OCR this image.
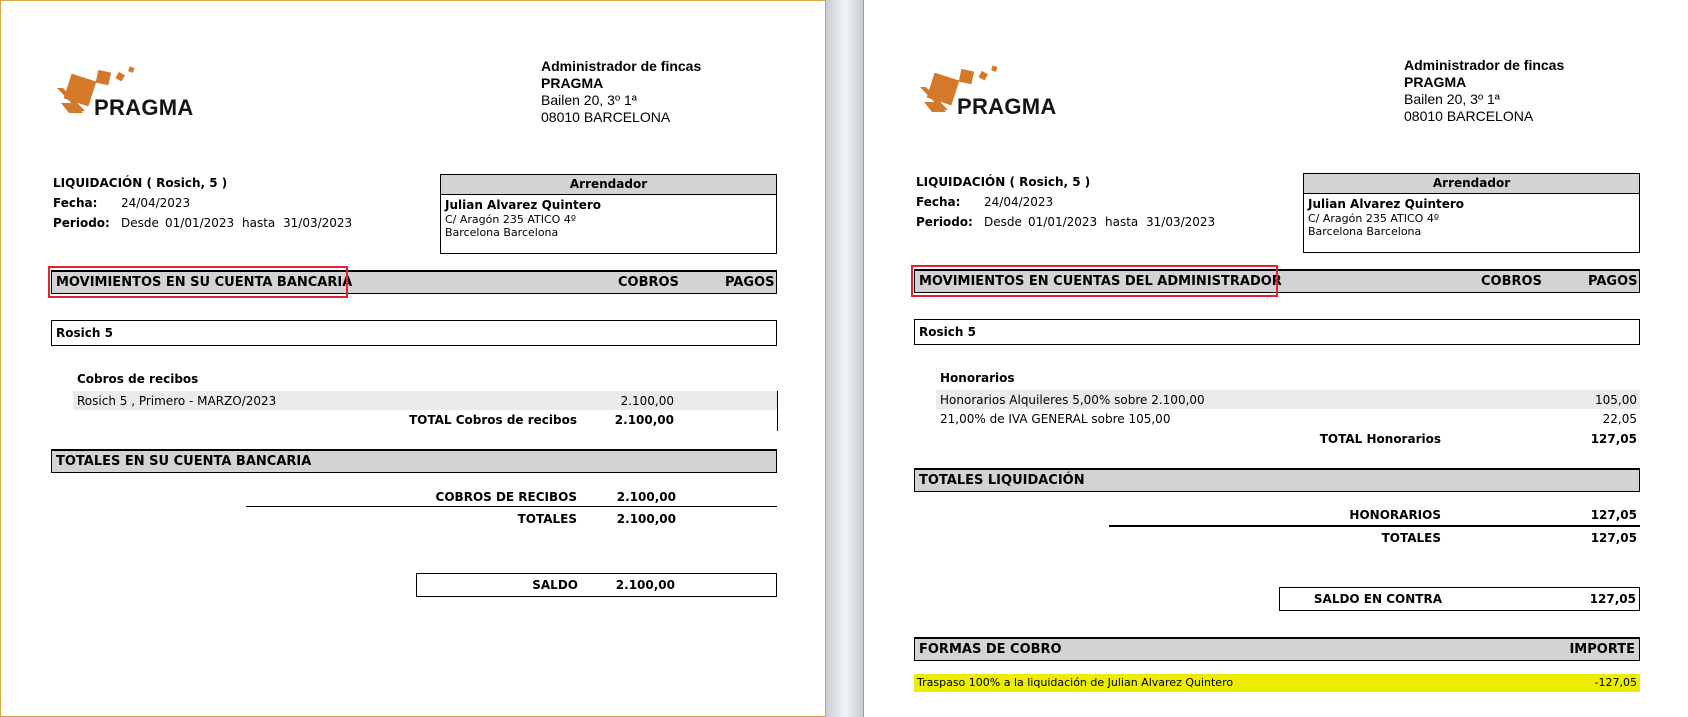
PRAGMA
Administrador de fincas
PRAGMA
Bailen 20, 3º 1ª
08010 BARCELONA
LIQUIDACIÓN ( Rosich, 5 )
Fecha: 24/04/2023
Periodo: Desde 01/01/2023 hasta 31/03/2023
Arrendador
Julian Alvarez Quintero
C/ Aragón 235 ATICO 4º
Barcelona Barcelona
MOVIMIENTOS EN SU CUENTA BANCARIA	COBROS	PAGOS
Rosich 5
Cobros de recibos
Rosich 5 , Primero - MARZO/2023	2.100,00
TOTAL Cobros de recibos	2.100,00
TOTALES EN SU CUENTA BANCARIA
COBROS DE RECIBOS	2.100,00
TOTALES	2.100,00
SALDO	2.100,00
PRAGMA
Administrador de fincas
PRAGMA
Bailen 20, 3º 1ª
08010 BARCELONA
LIQUIDACIÓN ( Rosich, 5 )
Fecha: 24/04/2023
Periodo: Desde 01/01/2023 hasta 31/03/2023
Arrendador
Julian Alvarez Quintero
C/ Aragón 235 ATICO 4º
Barcelona Barcelona
MOVIMIENTOS EN CUENTAS DEL ADMINISTRADOR	COBROS	PAGOS
Rosich 5
Honorarios
Honorarios Alquileres 5,00% sobre 2.100,00	105,00
21,00% de IVA GENERAL sobre 105,00	22,05
TOTAL Honorarios	127,05
TOTALES LIQUIDACIÓN
HONORARIOS	127,05
TOTALES	127,05
SALDO EN CONTRA	127,05
FORMAS DE COBRO	IMPORTE
Traspaso 100% a la liquidación de Julian Alvarez Quintero	-127,05
